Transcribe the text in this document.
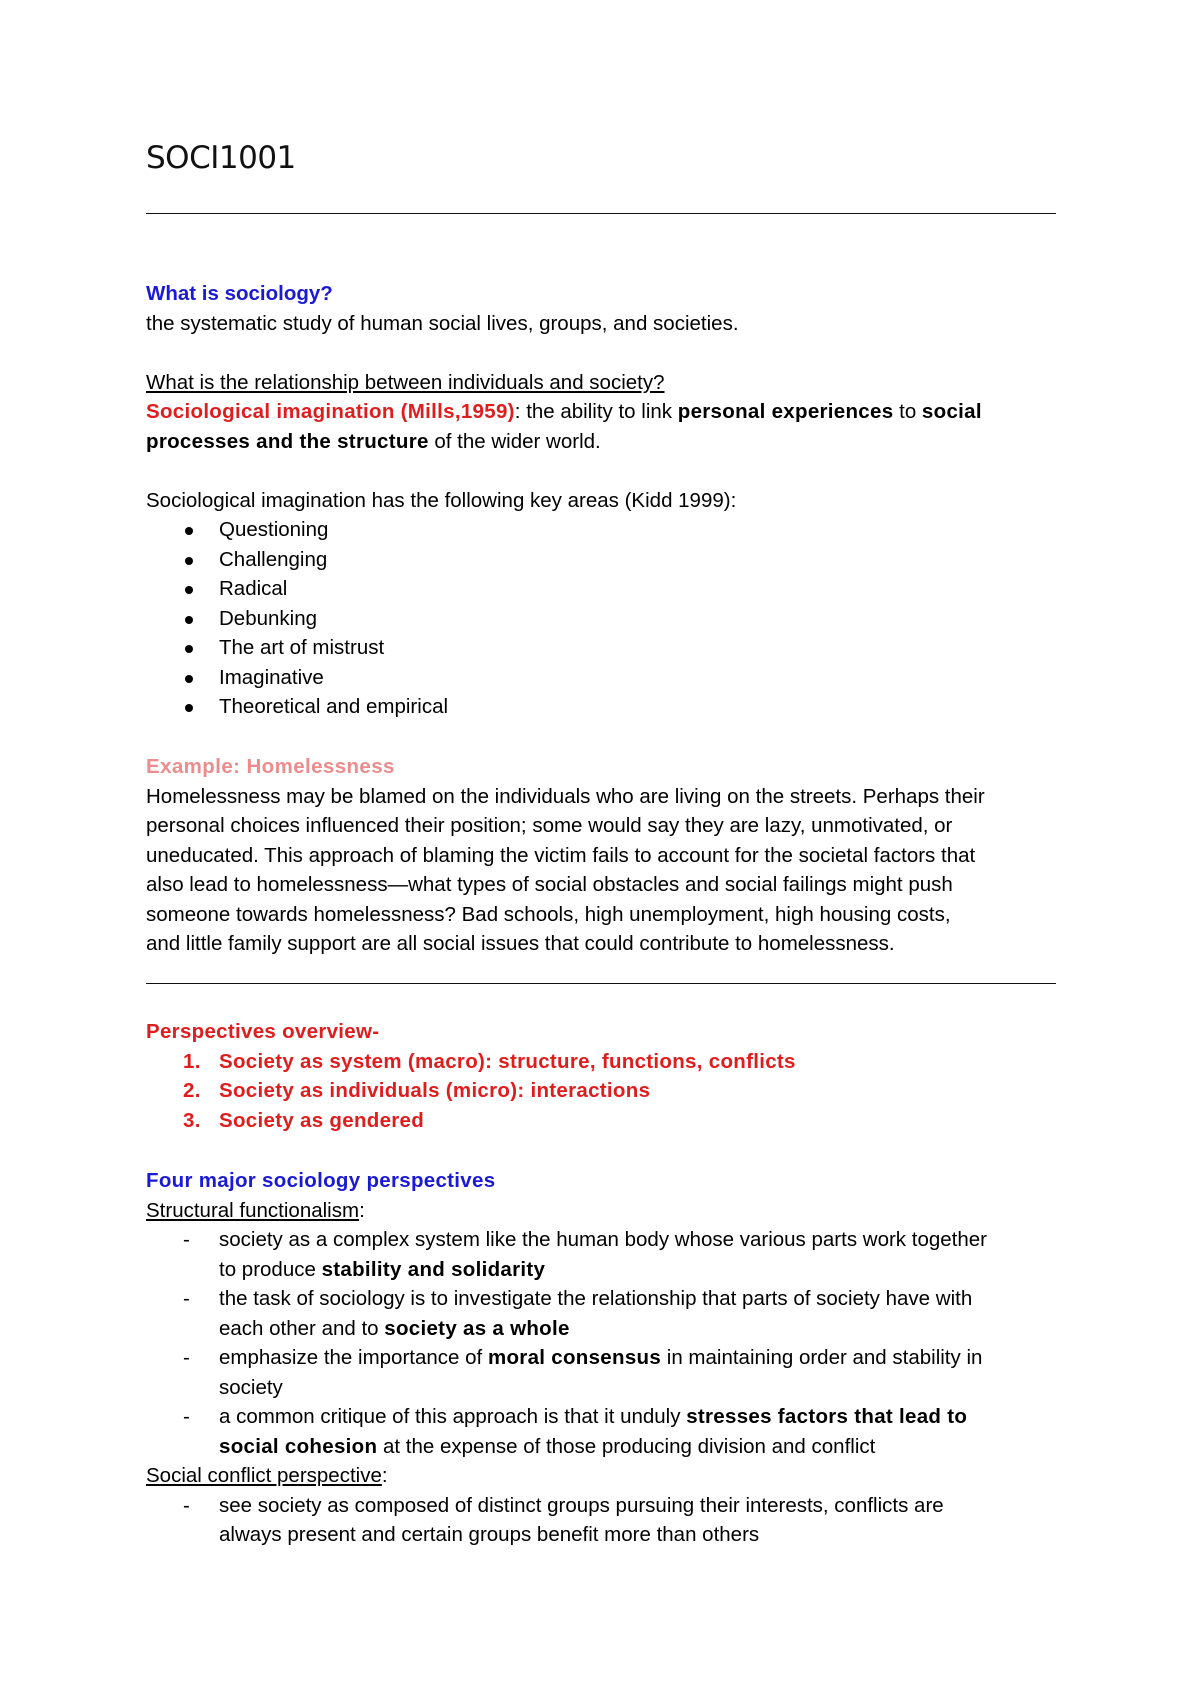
SOCI1001

What is sociology?

the systematic study of human social lives, groups, and societies.

What is the relationship between individuals and society?

Sociological imagination (Mills,1959): the ability to link personal experiences to social

processes and the structure of the wider world.

Sociological imagination has the following key areas (Kidd 1999):

Questioning
Challenging
Radical
Debunking
The art of mistrust
Imaginative
Theoretical and empirical

Example: Homelessness

Homelessness may be blamed on the individuals who are living on the streets. Perhaps their

personal choices influenced their position; some would say they are lazy, unmotivated, or

uneducated. This approach of blaming the victim fails to account for the societal factors that

also lead to homelessness—what types of social obstacles and social failings might push

someone towards homelessness? Bad schools, high unemployment, high housing costs,

and little family support are all social issues that could contribute to homelessness.

Perspectives overview-

1. Society as system (macro): structure, functions, conflicts
2. Society as individuals (micro): interactions
3. Society as gendered

Four major sociology perspectives

Structural functionalism:

- society as a complex system like the human body whose various parts work together
to produce stability and solidarity
- the task of sociology is to investigate the relationship that parts of society have with
each other and to society as a whole
- emphasize the importance of moral consensus in maintaining order and stability in
society
- a common critique of this approach is that it unduly stresses factors that lead to
social cohesion at the expense of those producing division and conflict

Social conflict perspective:

- see society as composed of distinct groups pursuing their interests, conflicts are
always present and certain groups benefit more than others
